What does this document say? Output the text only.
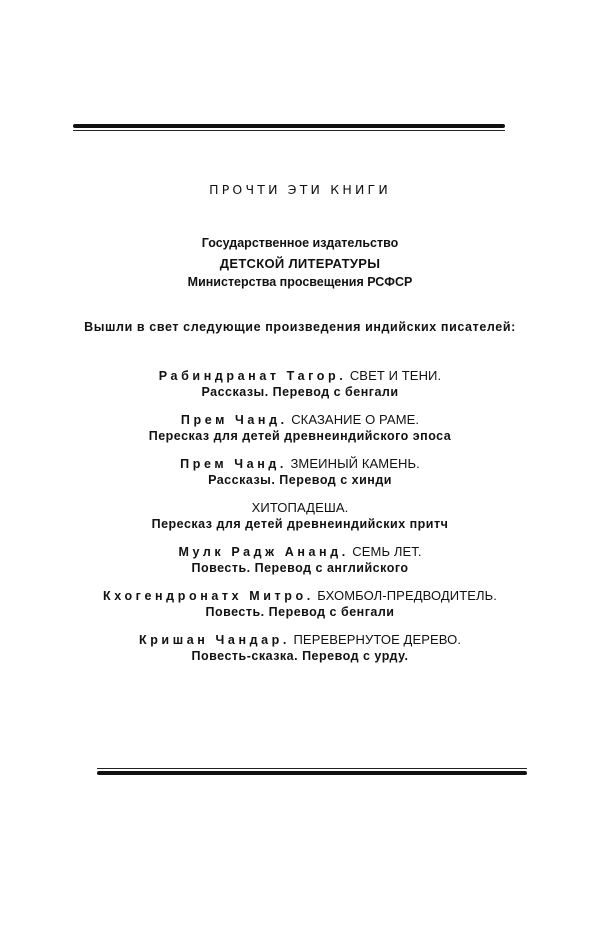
ПРОЧТИ ЭТИ КНИГИ
Государственное издательство
ДЕТСКОЙ ЛИТЕРАТУРЫ
Министерства просвещения РСФСР
Вышли в свет следующие произведения индийских писателей:
Рабиндранат Тагор. СВЕТ И ТЕНИ.
Рассказы. Перевод с бенгали
Прем Чанд. СКАЗАНИЕ О РАМЕ.
Пересказ для детей древнеиндийского эпоса
Прем Чанд. ЗМЕИНЫЙ КАМЕНЬ.
Рассказы. Перевод с хинди
ХИТОПАДЕША.
Пересказ для детей древнеиндийских притч
Мулк Радж Ананд. СЕМЬ ЛЕТ.
Повесть. Перевод с английского
Кхогендронатх Митро. БХОМБОЛ-ПРЕДВОДИТЕЛЬ.
Повесть. Перевод с бенгали
Кришан Чандар. ПЕРЕВЕРНУТОЕ ДЕРЕВО.
Повесть-сказка. Перевод с урду.
